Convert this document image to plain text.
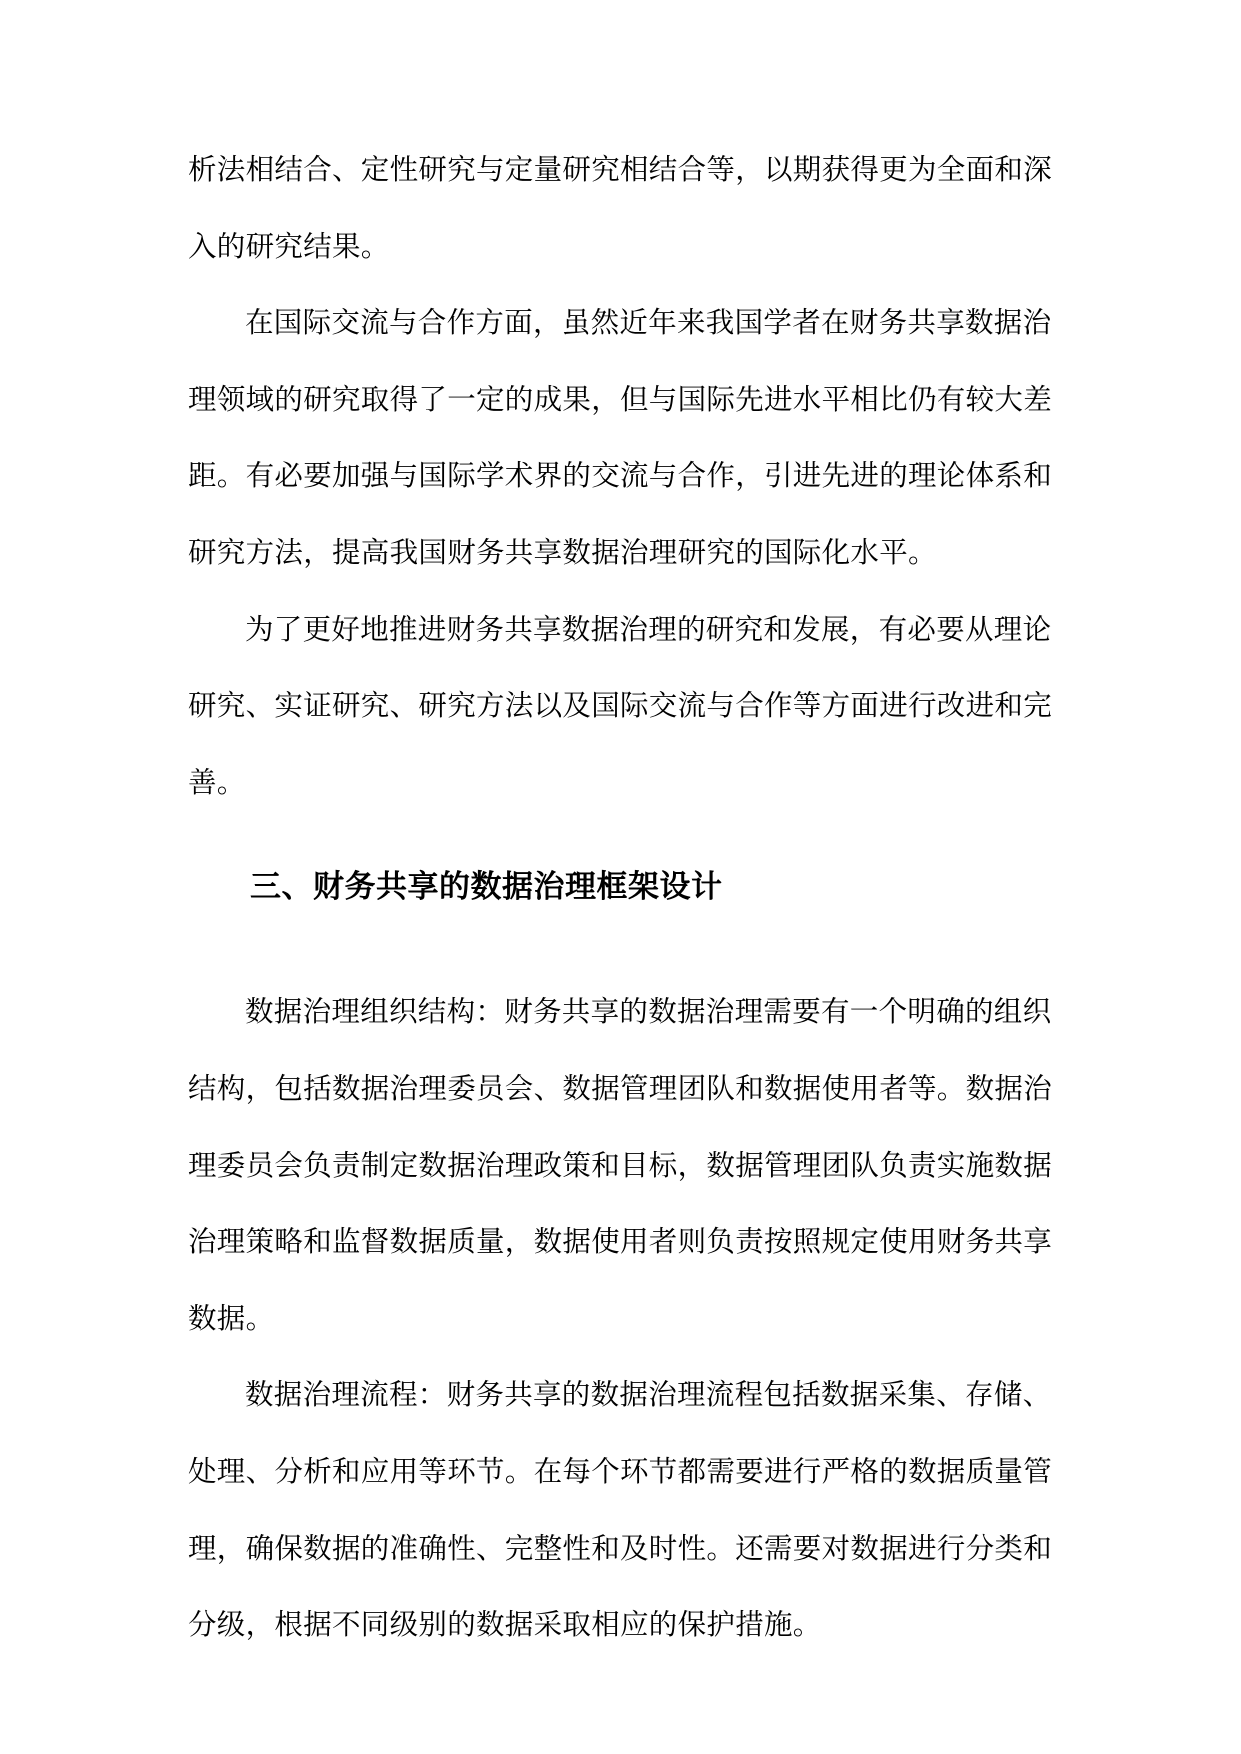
析法相结合、定性研究与定量研究相结合等，以期获得更为全面和深
入的研究结果。
在国际交流与合作方面，虽然近年来我国学者在财务共享数据治
理领域的研究取得了一定的成果，但与国际先进水平相比仍有较大差
距。有必要加强与国际学术界的交流与合作，引进先进的理论体系和
研究方法，提高我国财务共享数据治理研究的国际化水平。
为了更好地推进财务共享数据治理的研究和发展，有必要从理论
研究、实证研究、研究方法以及国际交流与合作等方面进行改进和完
善。
三、财务共享的数据治理框架设计
数据治理组织结构：财务共享的数据治理需要有一个明确的组织
结构，包括数据治理委员会、数据管理团队和数据使用者等。数据治
理委员会负责制定数据治理政策和目标，数据管理团队负责实施数据
治理策略和监督数据质量，数据使用者则负责按照规定使用财务共享
数据。
数据治理流程：财务共享的数据治理流程包括数据采集、存储、
处理、分析和应用等环节。在每个环节都需要进行严格的数据质量管
理，确保数据的准确性、完整性和及时性。还需要对数据进行分类和
分级，根据不同级别的数据采取相应的保护措施。
